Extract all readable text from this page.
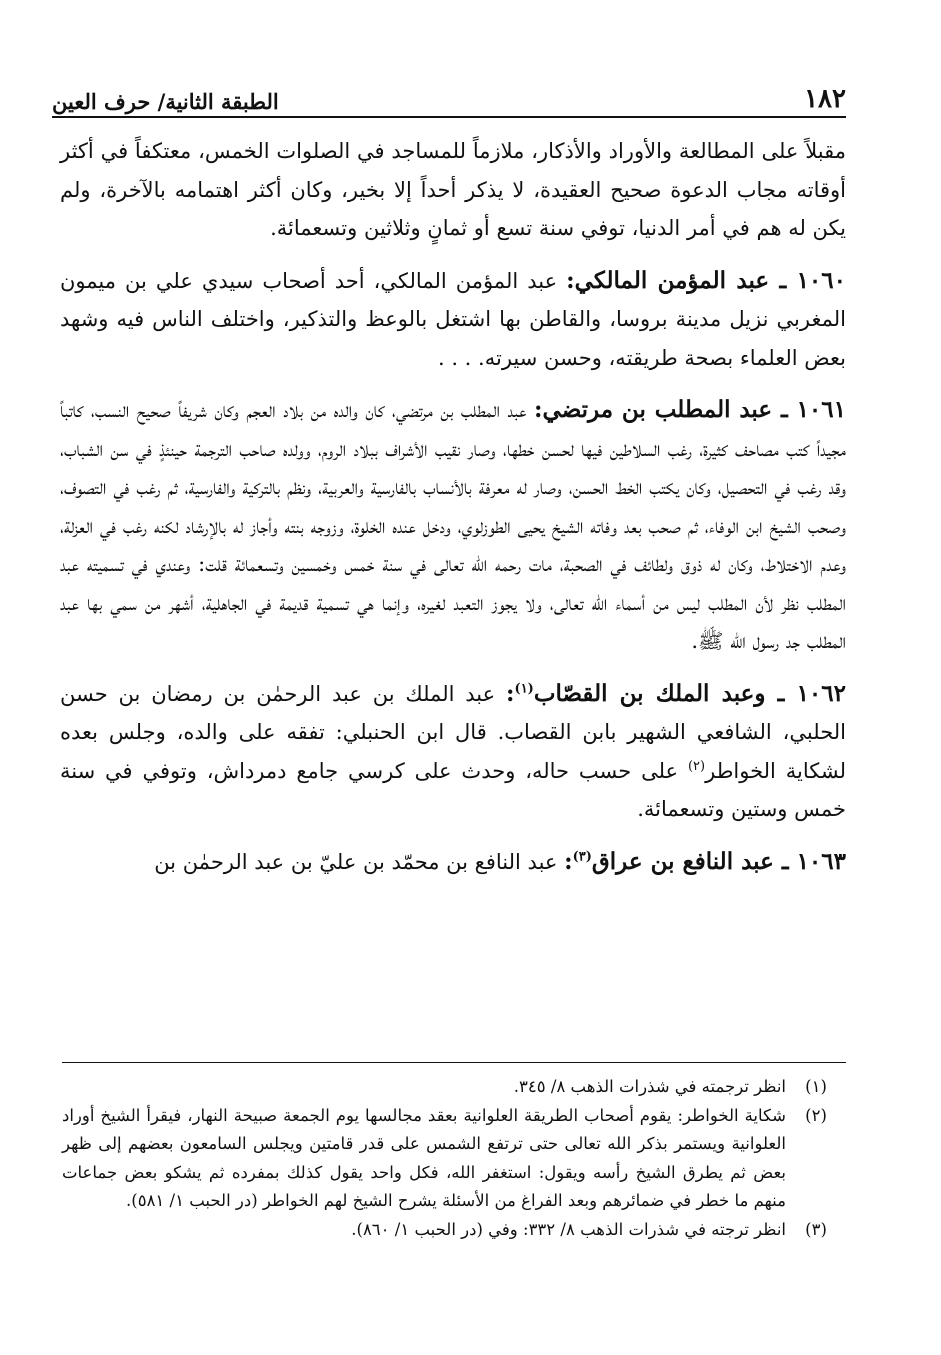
١٨٢
الطبقة الثانية/ حرف العين

مقبلاً على المطالعة والأوراد والأذكار، ملازماً للمساجد في الصلوات الخمس، معتكفاً في أكثر أوقاته مجاب الدعوة صحيح العقيدة، لا يذكر أحداً إلا بخير، وكان أكثر اهتمامه بالآخرة، ولم يكن له هم في أمر الدنيا، توفي سنة تسع أو ثمانٍ وثلاثين وتسعمائة.

١٠٦٠ ـ عبد المؤمن المالكي: عبد المؤمن المالكي، أحد أصحاب سيدي علي بن ميمون المغربي نزيل مدينة بروسا، والقاطن بها اشتغل بالوعظ والتذكير، واختلف الناس فيه وشهد بعض العلماء بصحة طريقته، وحسن سيرته. . . .

١٠٦١ ـ عبد المطلب بن مرتضي: عبد المطلب بن مرتضي، كان والده من بلاد العجم وكان شريفاً صحيح النسب، كاتباً مجيداً كتب مصاحف كثيرة، رغب السلاطين فيها لحسن خطها، وصار نقيب الأشراف ببلاد الروم، وولده صاحب الترجمة حينئذٍ في سن الشباب، وقد رغب في التحصيل، وكان يكتب الخط الحسن، وصار له معرفة بالأنساب بالفارسية والعربية، ونظم بالتركية والفارسية، ثم رغب في التصوف، وصحب الشيخ ابن الوفاء، ثم صحب بعد وفاته الشيخ يحيى الطوزلوي، ودخل عنده الخلوة، وزوجه بنته وأجاز له بالإرشاد لكنه رغب في العزلة، وعدم الاختلاط، وكان له ذوق ولطائف في الصحبة، مات رحمه الله تعالى في سنة خمس وخمسين وتسعمائة قلت: وعندي في تسميته عبد المطلب نظر لأن المطلب ليس من أسماء الله تعالى، ولا يجوز التعبد لغيره، وإنما هي تسمية قديمة في الجاهلية، أشهر من سمي بها عبد المطلب جد رسول الله ﷺ.

١٠٦٢ ـ وعبد الملك بن القصّاب$^{(١)}$: عبد الملك بن عبد الرحمٰن بن رمضان بن حسن الحلبي، الشافعي الشهير بابن القصاب. قال ابن الحنبلي: تفقه على والده، وجلس بعده لشكاية الخواطر$^{(٢)}$ على حسب حاله، وحدث على كرسي جامع دمرداش، وتوفي في سنة خمس وستين وتسعمائة.

١٠٦٣ ـ عبد النافع بن عراق$^{(٣)}$: عبد النافع بن محمّد بن عليّ بن عبد الرحمٰن بن

(١)
انظر ترجمته في شذرات الذهب ٨/ ٣٤٥.

(٢)
شكاية الخواطر: يقوم أصحاب الطريقة العلوانية بعقد مجالسها يوم الجمعة صبيحة النهار، فيقرأ الشيخ أوراد العلوانية ويستمر بذكر الله تعالى حتى ترتفع الشمس على قدر قامتين ويجلس السامعون بعضهم إلى ظهر بعض ثم يطرق الشيخ رأسه ويقول: استغفر الله، فكل واحد يقول كذلك بمفرده ثم يشكو بعض جماعات منهم ما خطر في ضمائرهم وبعد الفراغ من الأسئلة يشرح الشيخ لهم الخواطر (در الحبب ١/ ٥٨١).

(٣)
انظر ترجته في شذرات الذهب ٨/ ٣٣٢: وفي (در الحبب ١/ ٨٦٠).
